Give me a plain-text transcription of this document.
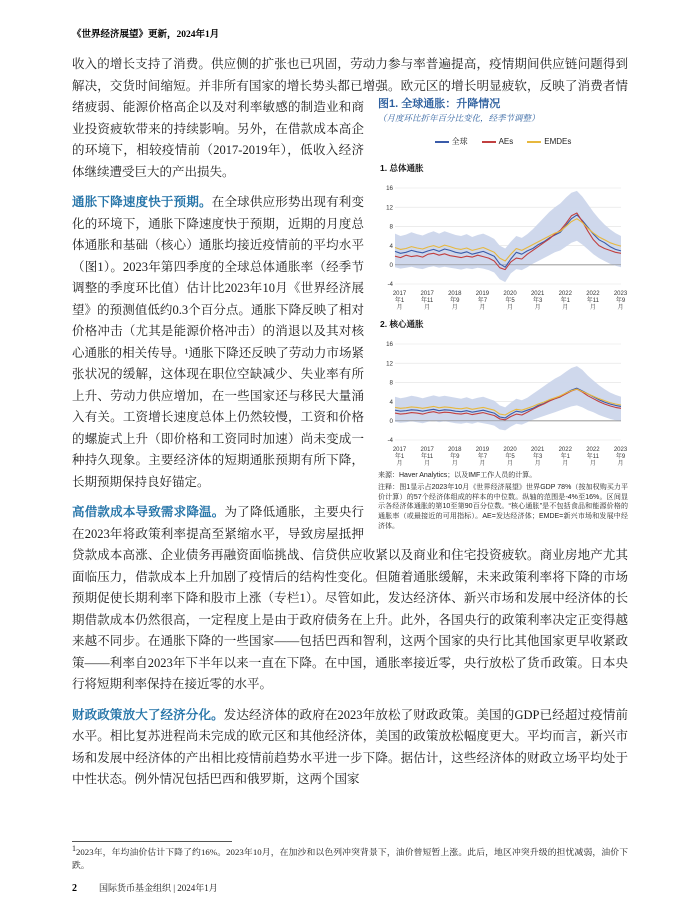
《世界经济展望》更新，2024年1月
图1. 全球通胀：升降情况
（月度环比折年百分比变化，经季节调整）
全球	AEs	EMDEs
1. 总体通胀
-4
0
4
8
12
16
2017年1月
2017年11月
2018年9月
2019年7月
2020年5月
2021年3月
2022年1月
2022年11月
2023年9月
2. 核心通胀
-4
0
4
8
12
16
2017年1月
2017年11月
2018年9月
2019年7月
2020年5月
2021年3月
2022年1月
2022年11月
2023年9月
来源：Haver Analytics；以及IMF工作人员的计算。
注释：图1显示占2023年10月《世界经济展望》世界GDP 78%（按加权购买力平价计算）的57个经济体组成的样本的中位数。纵轴的范围是-4%至16%。区间显示各经济体通胀的第10至第90百分位数。“核心通胀”是不包括食品和能源价格的通胀率（或最接近的可用指标）。AE=发达经济体；EMDE=新兴市场和发展中经济体。

收入的增长支持了消费。供应侧的扩张也已巩固，劳动力参与率普遍提高，疫情期间供应链问题得到解决，交货时间缩短。并非所有国家的增长势头都已增强。欧元区的增长明显疲软，反映了消费者情绪疲弱、能源价格高企以及对利率敏感的制造业和商业投资疲软带来的持续影响。另外，在借款成本高企的环境下，相较疫情前（2017-2019年），低收入经济体继续遭受巨大的产出损失。

通胀下降速度快于预期。在全球供应形势出现有利变化的环境下，通胀下降速度快于预期，近期的月度总体通胀和基础（核心）通胀均接近疫情前的平均水平（图1）。2023年第四季度的全球总体通胀率（经季节调整的季度环比值）估计比2023年10月《世界经济展望》的预测值低约0.3个百分点。通胀下降反映了相对价格冲击（尤其是能源价格冲击）的消退以及其对核心通胀的相关传导。¹通胀下降还反映了劳动力市场紧张状况的缓解，这体现在职位空缺减少、失业率有所上升、劳动力供应增加，在一些国家还与移民大量涌入有关。工资增长速度总体上仍然较慢，工资和价格的螺旋式上升（即价格和工资同时加速）尚未变成一种持久现象。主要经济体的短期通胀预期有所下降，长期预期保持良好锚定。

高借款成本导致需求降温。为了降低通胀，主要央行在2023年将政策利率提高至紧缩水平，导致房屋抵押贷款成本高涨、企业债务再融资面临挑战、信贷供应收紧以及商业和住宅投资疲软。商业房地产尤其面临压力，借款成本上升加剧了疫情后的结构性变化。但随着通胀缓解，未来政策利率将下降的市场预期促使长期利率下降和股市上涨（专栏1）。尽管如此，发达经济体、新兴市场和发展中经济体的长期借款成本仍然很高，一定程度上是由于政府债务在上升。此外，各国央行的政策利率决定正变得越来越不同步。在通胀下降的一些国家——包括巴西和智利，这两个国家的央行比其他国家更早收紧政策——利率自2023年下半年以来一直在下降。在中国，通胀率接近零，央行放松了货币政策。日本央行将短期利率保持在接近零的水平。

财政政策放大了经济分化。发达经济体的政府在2023年放松了财政政策。美国的GDP已经超过疫情前水平。相比复苏进程尚未完成的欧元区和其他经济体，美国的政策放松幅度更大。平均而言，新兴市场和发展中经济体的产出相比疫情前趋势水平进一步下降。据估计，这些经济体的财政立场平均处于中性状态。例外情况包括巴西和俄罗斯，这两个国家

$^1$2023年，年均油价估计下降了约16%。2023年10月，在加沙和以色列冲突背景下，油价曾短暂上涨。此后，地区冲突升级的担忧减弱，油价下跌。
2 国际货币基金组织 | 2024年1月
